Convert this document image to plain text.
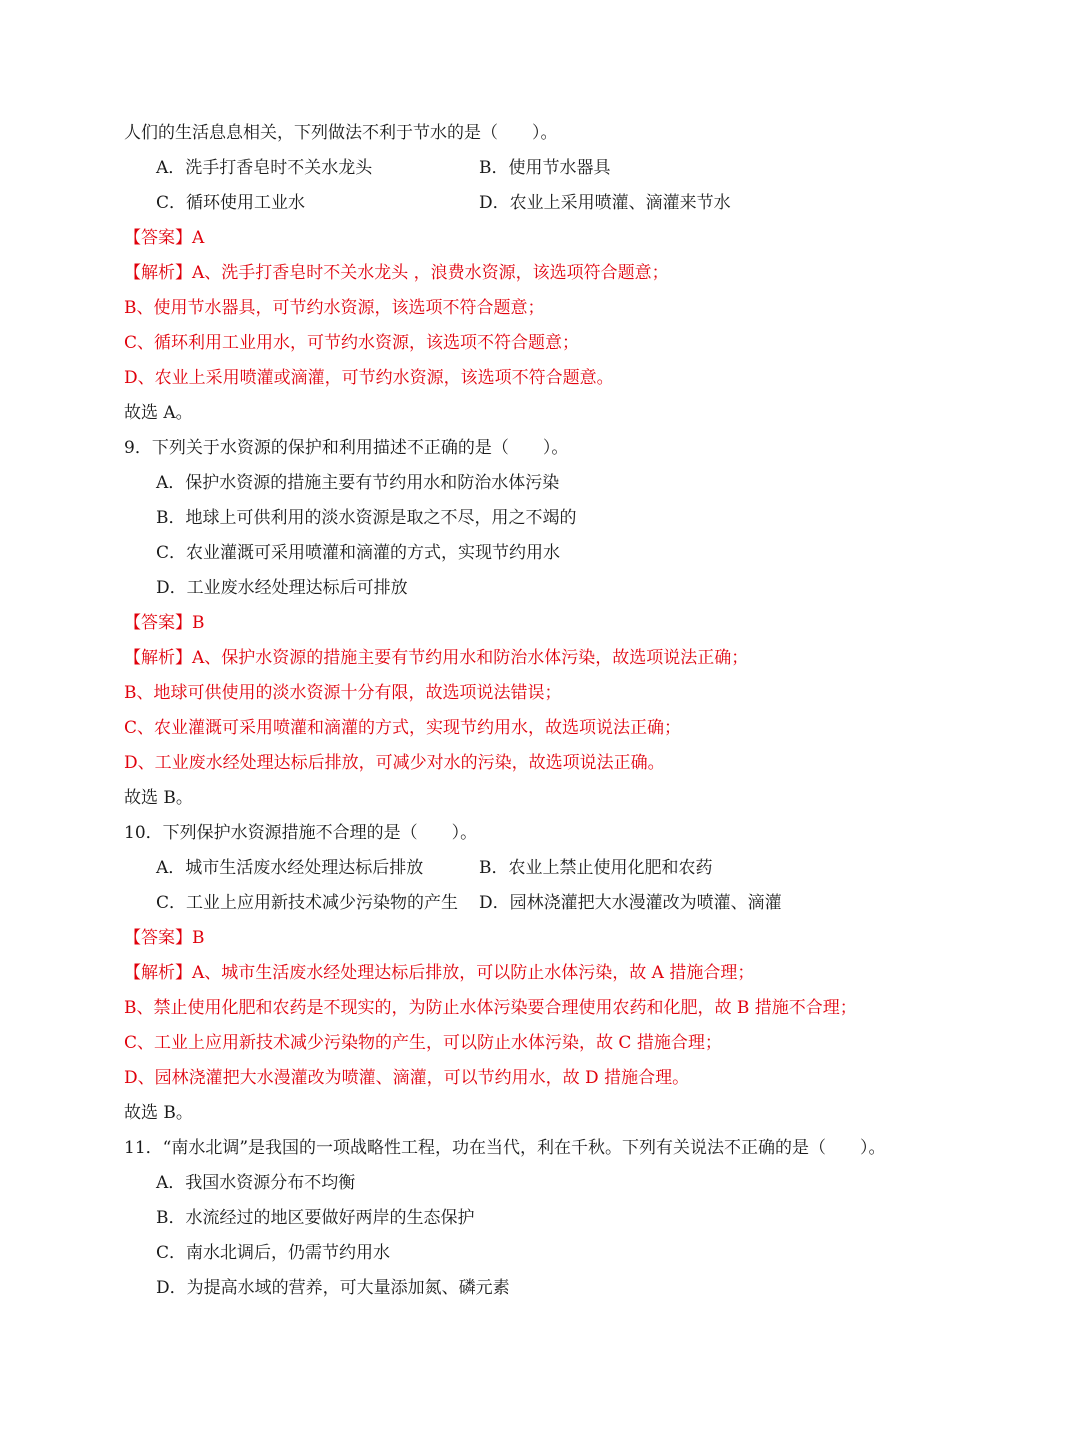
人们的生活息息相关，下列做法不利于节水的是（　　）。
A．洗手打香皂时不关水龙头	B．使用节水器具
C．循环使用工业水	D．农业上采用喷灌、滴灌来节水
【答案】A
【解析】A、洗手打香皂时不关水龙头 ，浪费水资源，该选项符合题意；
B、使用节水器具，可节约水资源，该选项不符合题意；
C、循环利用工业用水，可节约水资源，该选项不符合题意；
D、农业上采用喷灌或滴灌，可节约水资源，该选项不符合题意。
故选 A。
9．下列关于水资源的保护和利用描述不正确的是（　　）。
A．保护水资源的措施主要有节约用水和防治水体污染
B．地球上可供利用的淡水资源是取之不尽，用之不竭的
C．农业灌溉可采用喷灌和滴灌的方式，实现节约用水
D．工业废水经处理达标后可排放
【答案】B
【解析】A、保护水资源的措施主要有节约用水和防治水体污染，故选项说法正确；
B、地球可供使用的淡水资源十分有限，故选项说法错误；
C、农业灌溉可采用喷灌和滴灌的方式，实现节约用水，故选项说法正确；
D、工业废水经处理达标后排放，可减少对水的污染，故选项说法正确。
故选 B。
10．下列保护水资源措施不合理的是（　　）。
A．城市生活废水经处理达标后排放	B．农业上禁止使用化肥和农药
C．工业上应用新技术减少污染物的产生 D．园林浇灌把大水漫灌改为喷灌、滴灌
【答案】B
【解析】A、城市生活废水经处理达标后排放，可以防止水体污染，故 A 措施合理；
B、禁止使用化肥和农药是不现实的，为防止水体污染要合理使用农药和化肥，故 B 措施不合理；
C、工业上应用新技术减少污染物的产生，可以防止水体污染，故 C 措施合理；
D、园林浇灌把大水漫灌改为喷灌、滴灌，可以节约用水，故 D 措施合理。
故选 B。
11．“南水北调”是我国的一项战略性工程，功在当代，利在千秋。下列有关说法不正确的是（　　）。
A．我国水资源分布不均衡
B．水流经过的地区要做好两岸的生态保护
C．南水北调后，仍需节约用水
D．为提高水域的营养，可大量添加氮、磷元素
